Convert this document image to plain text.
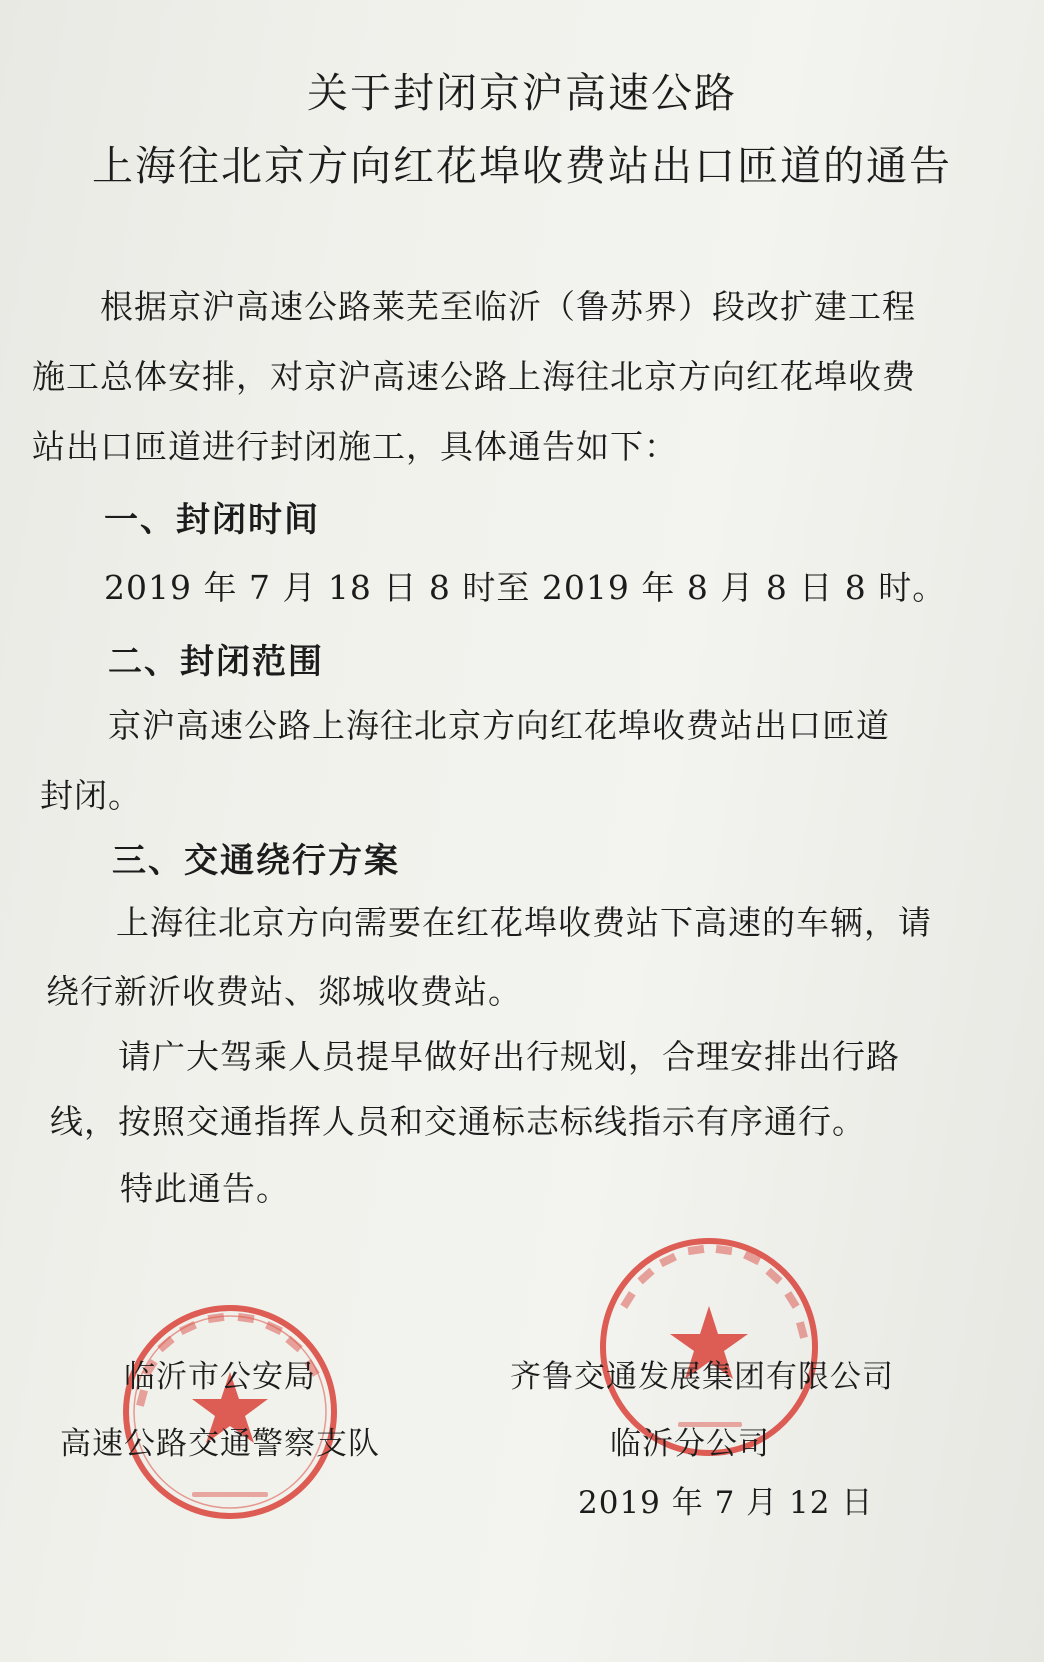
关于封闭京沪高速公路
上海往北京方向红花埠收费站出口匝道的通告
根据京沪高速公路莱芜至临沂（鲁苏界）段改扩建工程
施工总体安排，对京沪高速公路上海往北京方向红花埠收费
站出口匝道进行封闭施工，具体通告如下：
一、封闭时间
2019 年 7 月 18 日 8 时至 2019 年 8 月 8 日 8 时。
二、封闭范围
京沪高速公路上海往北京方向红花埠收费站出口匝道
封闭。
三、交通绕行方案
上海往北京方向需要在红花埠收费站下高速的车辆，请
绕行新沂收费站、郯城收费站。
请广大驾乘人员提早做好出行规划，合理安排出行路
线，按照交通指挥人员和交通标志标线指示有序通行。
特此通告。
临沂市公安局
高速公路交通警察支队
齐鲁交通发展集团有限公司
临沂分公司
2019 年 7 月 12 日
